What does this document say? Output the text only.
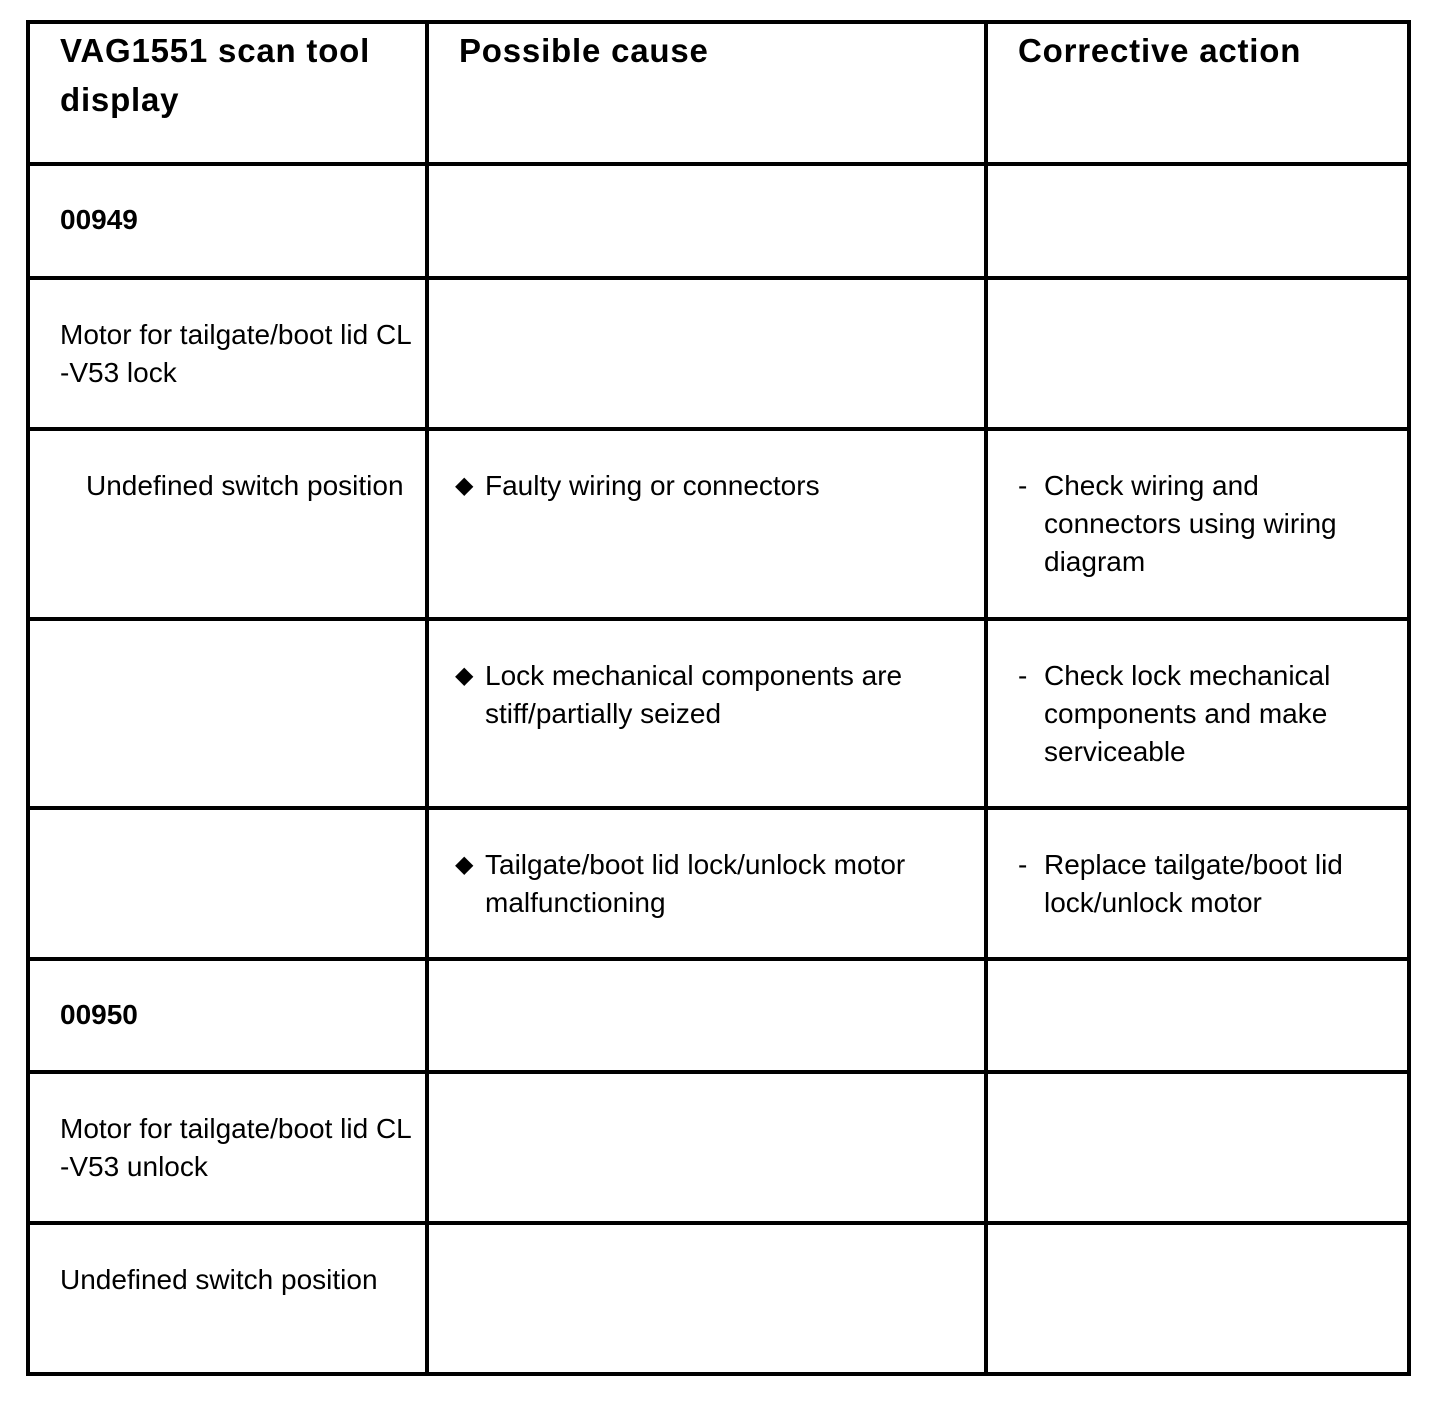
VAG1551 scan tool display	Possible cause	Corrective action

00949		

Motor for tailgate/boot lid CL -V53 lock		

Undefined switch position	◆ Faulty wiring or connectors	- Check wiring and connectors using wiring diagram

	◆ Lock mechanical components are stiff/partially seized	- Check lock mechanical components and make serviceable

	◆ Tailgate/boot lid lock/unlock motor malfunctioning	- Replace tailgate/boot lid lock/unlock motor

00950		

Motor for tailgate/boot lid CL -V53 unlock		

Undefined switch position		
